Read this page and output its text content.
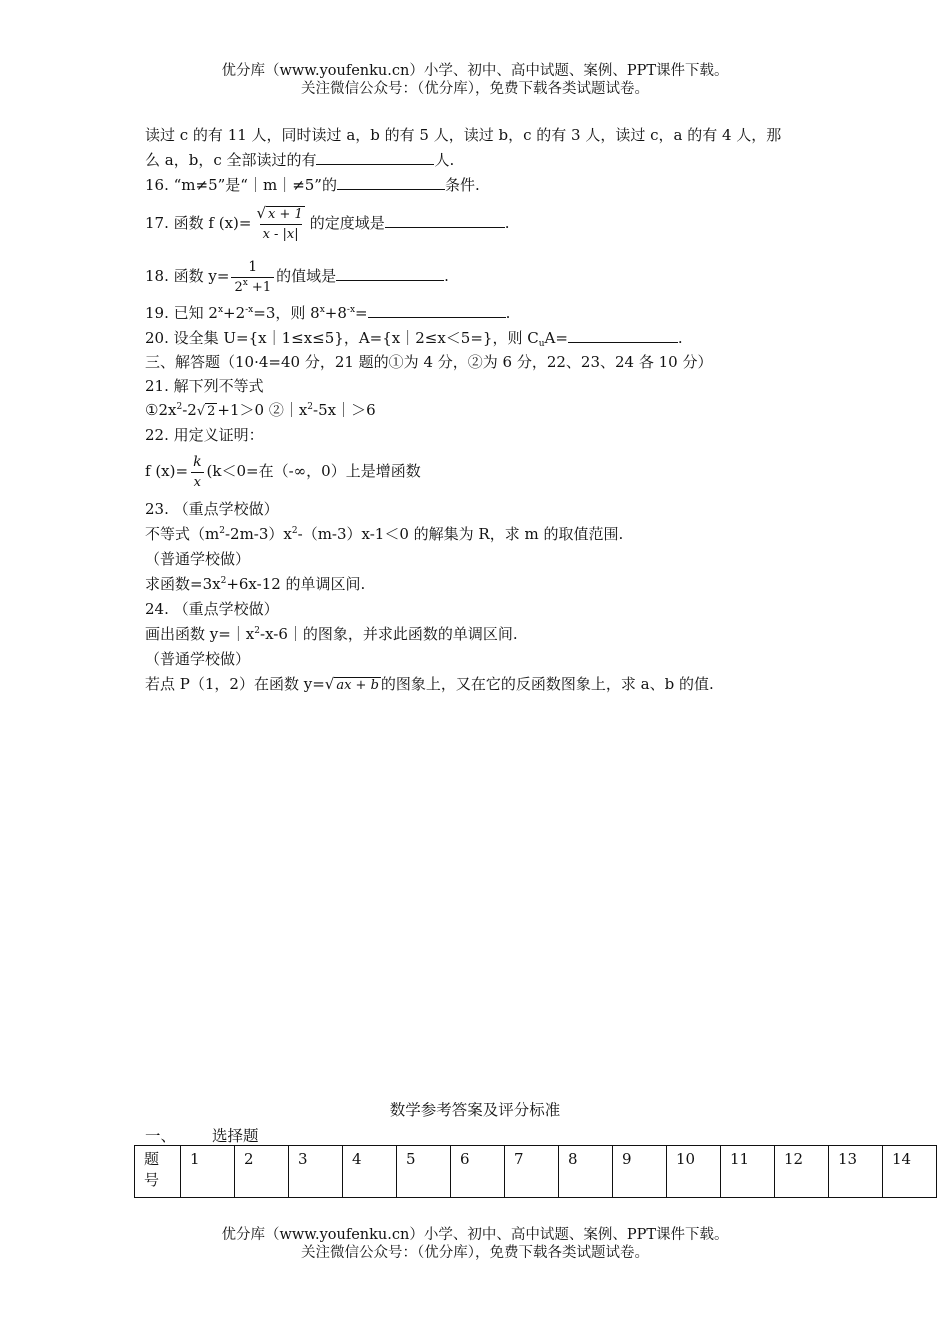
优分库（www.youfenku.cn）小学、初中、高中试题、案例、PPT课件下载。
关注微信公众号：（优分库），免费下载各类试题试卷。
读过 c 的有 11 人，同时读过 a，b 的有 5 人，读过 b，c 的有 3 人，读过 c，a 的有 4 人，那
么 a，b，c 全部读过的有	人.
16. “m≠5”是“｜m｜≠5”的	条件.
17. 函数 f $(x)= \frac{√ x + 1}{x - |x|}$ 的定度域是	.
18. 函数 $y= \frac{1}{2^x +1}$ 的值域是	.
19. 已知 $2^x+2^{-x}=3$，则 $8^x+8^{-x}=$	.
20. 设全集 U={x｜1≤x≤5}，A={x｜2≤x＜5=}，则 $C_uA=$	.
三、解答题（10·4=40 分，21 题的①为 4 分，②为 6 分，22、23、24 各 10 分）
21. 解下列不等式
$①2x^2-2√$ 2 +1＞0 $②|x^2-5x|>6$
22. 用定义证明：
f $(x)= \frac{k}{x} (k<0=$在（-∞，0）上是增函数
23. （重点学校做）
不等式$(m^2-2m-3)x^2-(m-3)x-1<0$ 的解集为 R，求 m 的取值范围.
（普通学校做）
求函数$=3x^2+6x-12$ 的单调区间.
24. （重点学校做）
画出函数 $y=|x^2-x-6|$的图象，并求此函数的单调区间.
（普通学校做）
若点 P（1，2）在函数 y=√ ax + b 的图象上，又在它的反函数图象上，求 a、b 的值.
数学参考答案及评分标准
一、 选择题
题
号	1	2	3	4	5	6	7	8	9	10	11	12	13	14
优分库（www.youfenku.cn）小学、初中、高中试题、案例、PPT课件下载。
关注微信公众号：（优分库），免费下载各类试题试卷。
